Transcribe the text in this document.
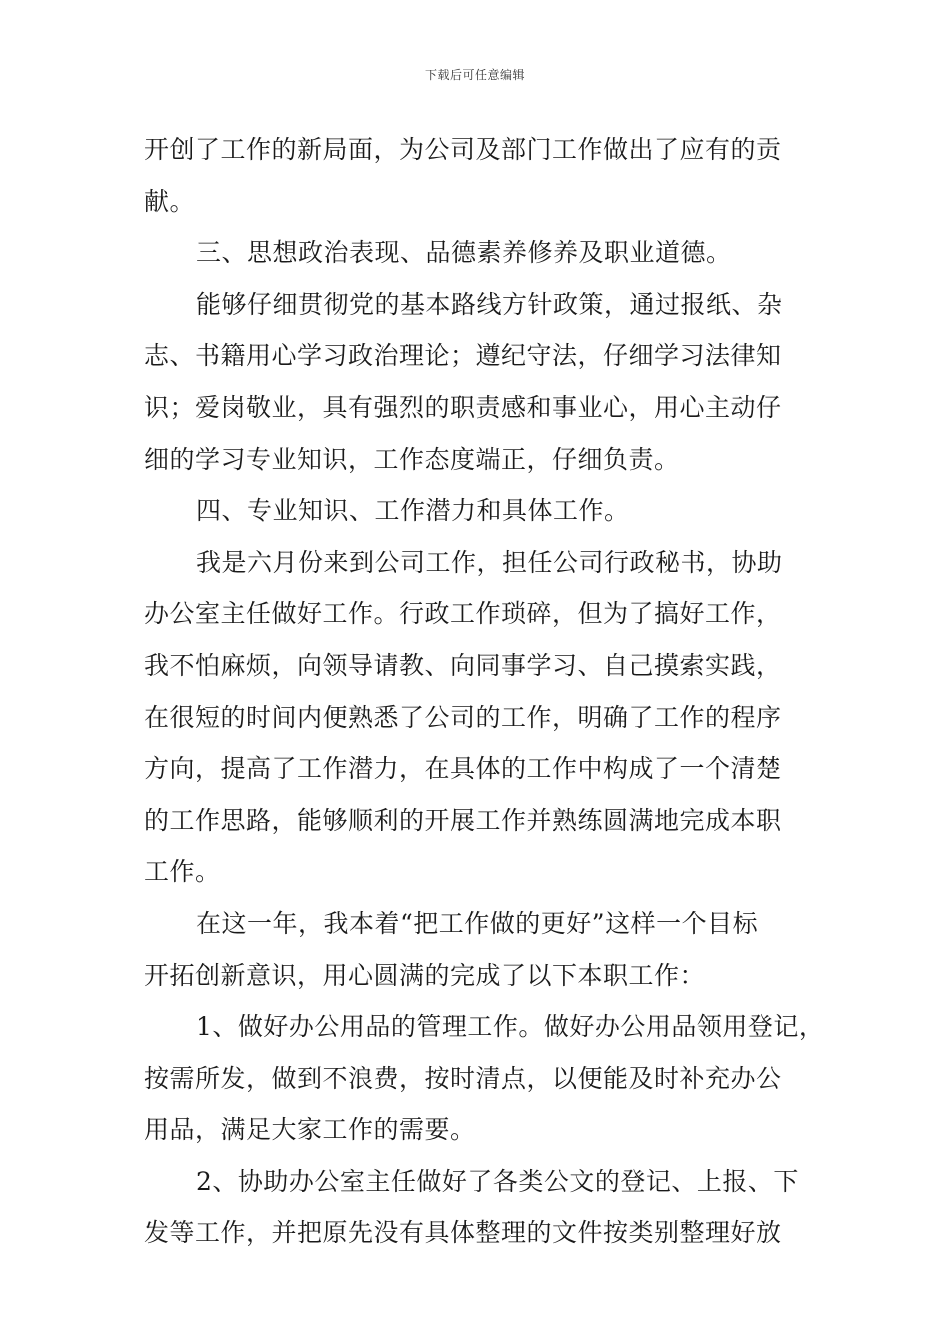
下载后可任意编辑
开创了工作的新局面，为公司及部门工作做出了应有的贡
献。
三、思想政治表现、品德素养修养及职业道德。
能够仔细贯彻党的基本路线方针政策，通过报纸、杂
志、书籍用心学习政治理论；遵纪守法，仔细学习法律知
识；爱岗敬业，具有强烈的职责感和事业心，用心主动仔
细的学习专业知识，工作态度端正，仔细负责。
四、专业知识、工作潜力和具体工作。
我是六月份来到公司工作，担任公司行政秘书，协助
办公室主任做好工作。行政工作琐碎，但为了搞好工作，
我不怕麻烦，向领导请教、向同事学习、自己摸索实践，
在很短的时间内便熟悉了公司的工作，明确了工作的程序
方向，提高了工作潜力，在具体的工作中构成了一个清楚
的工作思路，能够顺利的开展工作并熟练圆满地完成本职
工作。
在这一年，我本着“把工作做的更好”这样一个目标
开拓创新意识，用心圆满的完成了以下本职工作：
1、做好办公用品的管理工作。做好办公用品领用登记，
按需所发，做到不浪费，按时清点，以便能及时补充办公
用品，满足大家工作的需要。
2、协助办公室主任做好了各类公文的登记、上报、下
发等工作，并把原先没有具体整理的文件按类别整理好放
